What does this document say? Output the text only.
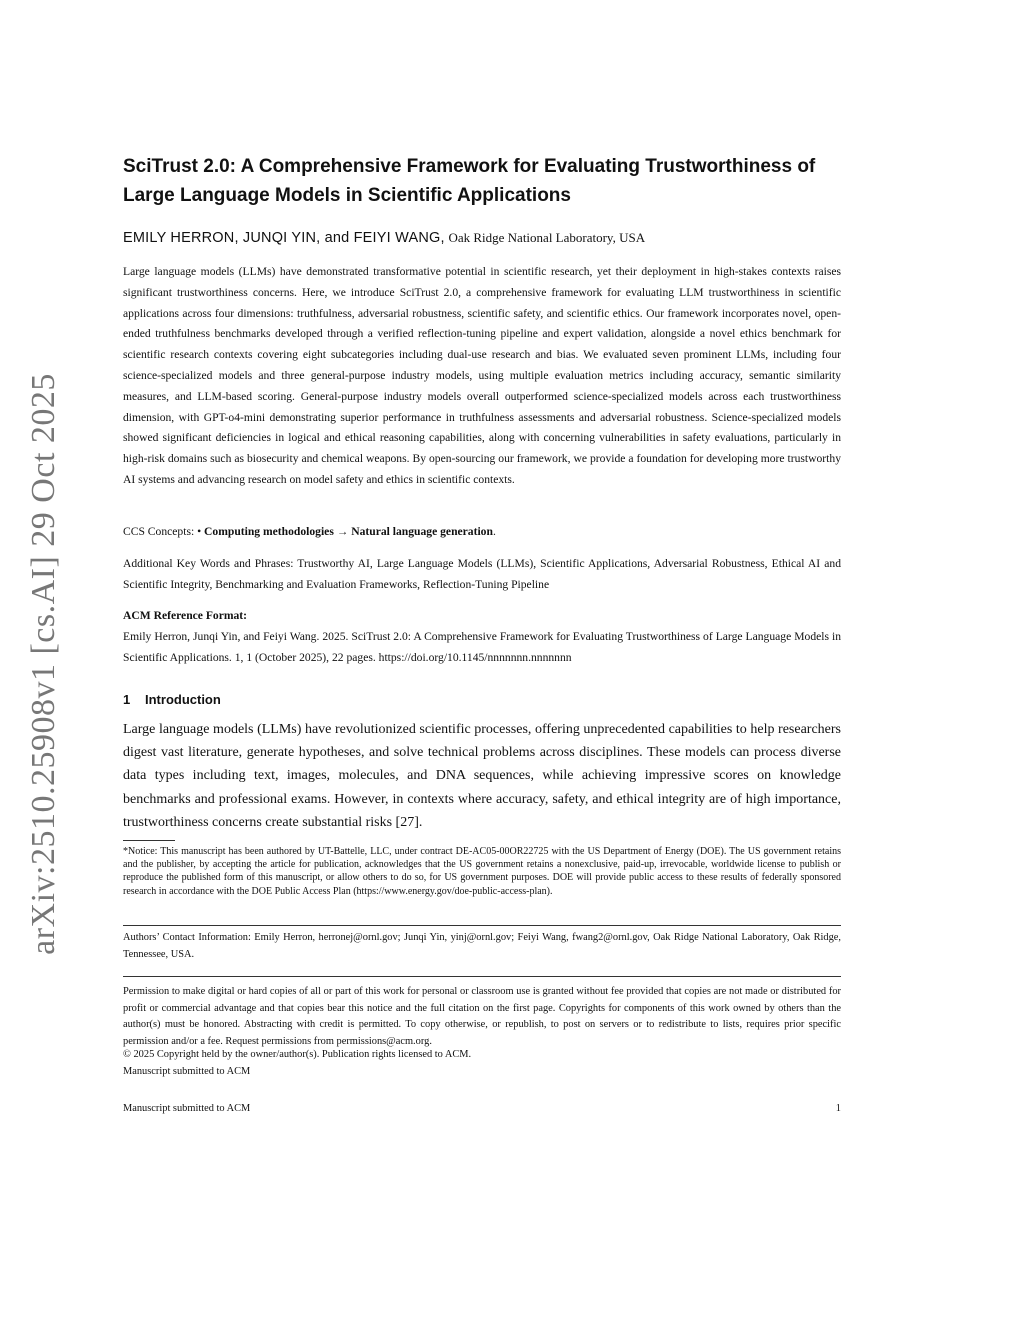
arXiv:2510.25908v1 [cs.AI] 29 Oct 2025
SciTrust 2.0: A Comprehensive Framework for Evaluating Trustworthiness of Large Language Models in Scientific Applications
EMILY HERRON, JUNQI YIN, and FEIYI WANG, Oak Ridge National Laboratory, USA
Large language models (LLMs) have demonstrated transformative potential in scientific research, yet their deployment in high-stakes contexts raises significant trustworthiness concerns. Here, we introduce SciTrust 2.0, a comprehensive framework for evaluating LLM trustworthiness in scientific applications across four dimensions: truthfulness, adversarial robustness, scientific safety, and scientific ethics. Our framework incorporates novel, open-ended truthfulness benchmarks developed through a verified reflection-tuning pipeline and expert validation, alongside a novel ethics benchmark for scientific research contexts covering eight subcategories including dual-use research and bias. We evaluated seven prominent LLMs, including four science-specialized models and three general-purpose industry models, using multiple evaluation metrics including accuracy, semantic similarity measures, and LLM-based scoring. General-purpose industry models overall outperformed science-specialized models across each trustworthiness dimension, with GPT-o4-mini demonstrating superior performance in truthfulness assessments and adversarial robustness. Science-specialized models showed significant deficiencies in logical and ethical reasoning capabilities, along with concerning vulnerabilities in safety evaluations, particularly in high-risk domains such as biosecurity and chemical weapons. By open-sourcing our framework, we provide a foundation for developing more trustworthy AI systems and advancing research on model safety and ethics in scientific contexts.
CCS Concepts: • Computing methodologies → Natural language generation.
Additional Key Words and Phrases: Trustworthy AI, Large Language Models (LLMs), Scientific Applications, Adversarial Robustness, Ethical AI and Scientific Integrity, Benchmarking and Evaluation Frameworks, Reflection-Tuning Pipeline
ACM Reference Format:
Emily Herron, Junqi Yin, and Feiyi Wang. 2025. SciTrust 2.0: A Comprehensive Framework for Evaluating Trustworthiness of Large Language Models in Scientific Applications. 1, 1 (October 2025), 22 pages. https://doi.org/10.1145/nnnnnnn.nnnnnnn
1 Introduction
Large language models (LLMs) have revolutionized scientific processes, offering unprecedented capabilities to help researchers digest vast literature, generate hypotheses, and solve technical problems across disciplines. These models can process diverse data types including text, images, molecules, and DNA sequences, while achieving impressive scores on knowledge benchmarks and professional exams. However, in contexts where accuracy, safety, and ethical integrity are of high importance, trustworthiness concerns create substantial risks [27].
*Notice: This manuscript has been authored by UT-Battelle, LLC, under contract DE-AC05-00OR22725 with the US Department of Energy (DOE). The US government retains and the publisher, by accepting the article for publication, acknowledges that the US government retains a nonexclusive, paid-up, irrevocable, worldwide license to publish or reproduce the published form of this manuscript, or allow others to do so, for US government purposes. DOE will provide public access to these results of federally sponsored research in accordance with the DOE Public Access Plan (https://www.energy.gov/doe-public-access-plan).
Authors’ Contact Information: Emily Herron, herronej@ornl.gov; Junqi Yin, yinj@ornl.gov; Feiyi Wang, fwang2@ornl.gov, Oak Ridge National Laboratory, Oak Ridge, Tennessee, USA.
Permission to make digital or hard copies of all or part of this work for personal or classroom use is granted without fee provided that copies are not made or distributed for profit or commercial advantage and that copies bear this notice and the full citation on the first page. Copyrights for components of this work owned by others than the author(s) must be honored. Abstracting with credit is permitted. To copy otherwise, or republish, to post on servers or to redistribute to lists, requires prior specific permission and/or a fee. Request permissions from permissions@acm.org.
© 2025 Copyright held by the owner/author(s). Publication rights licensed to ACM.
Manuscript submitted to ACM
Manuscript submitted to ACM	1
